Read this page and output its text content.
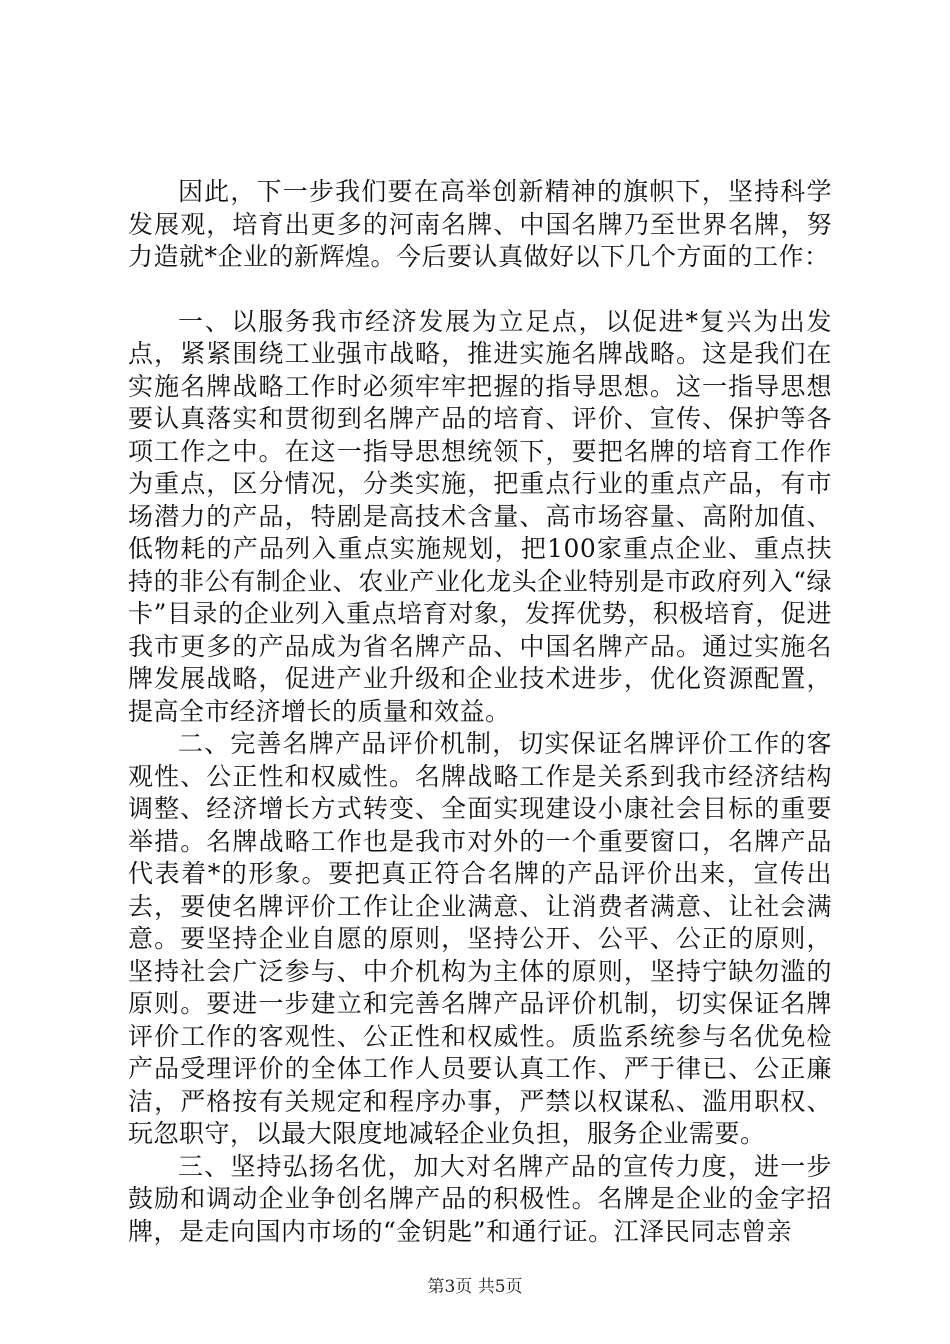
因此，下一步我们要在高举创新精神的旗帜下，坚持科学发展观，培育出更多的河南名牌、中国名牌乃至世界名牌，努力造就*企业的新辉煌。今后要认真做好以下几个方面的工作：

一、以服务我市经济发展为立足点，以促进*复兴为出发点，紧紧围绕工业强市战略，推进实施名牌战略。这是我们在实施名牌战略工作时必须牢牢把握的指导思想。这一指导思想要认真落实和贯彻到名牌产品的培育、评价、宣传、保护等各项工作之中。在这一指导思想统领下，要把名牌的培育工作作为重点，区分情况，分类实施，把重点行业的重点产品，有市场潜力的产品，特剧是高技术含量、高市场容量、高附加值、低物耗的产品列入重点实施规划，把100家重点企业、重点扶持的非公有制企业、农业产业化龙头企业特别是市政府列入“绿卡”目录的企业列入重点培育对象，发挥优势，积极培育，促进我市更多的产品成为省名牌产品、中国名牌产品。通过实施名牌发展战略，促进产业升级和企业技术进步，优化资源配置，提高全市经济增长的质量和效益。

二、完善名牌产品评价机制，切实保证名牌评价工作的客观性、公正性和权威性。名牌战略工作是关系到我市经济结构调整、经济增长方式转变、全面实现建设小康社会目标的重要举措。名牌战略工作也是我市对外的一个重要窗口，名牌产品代表着*的形象。要把真正符合名牌的产品评价出来，宣传出去，要使名牌评价工作让企业满意、让消费者满意、让社会满意。要坚持企业自愿的原则，坚持公开、公平、公正的原则，坚持社会广泛参与、中介机构为主体的原则，坚持宁缺勿滥的原则。要进一步建立和完善名牌产品评价机制，切实保证名牌评价工作的客观性、公正性和权威性。质监系统参与名优免检产品受理评价的全体工作人员要认真工作、严于律已、公正廉洁，严格按有关规定和程序办事，严禁以权谋私、滥用职权、玩忽职守，以最大限度地减轻企业负担，服务企业需要。

三、坚持弘扬名优，加大对名牌产品的宣传力度，进一步鼓励和调动企业争创名牌产品的积极性。名牌是企业的金字招牌，是走向国内市场的“金钥匙”和通行证。江泽民同志曾亲

第3页 共5页
